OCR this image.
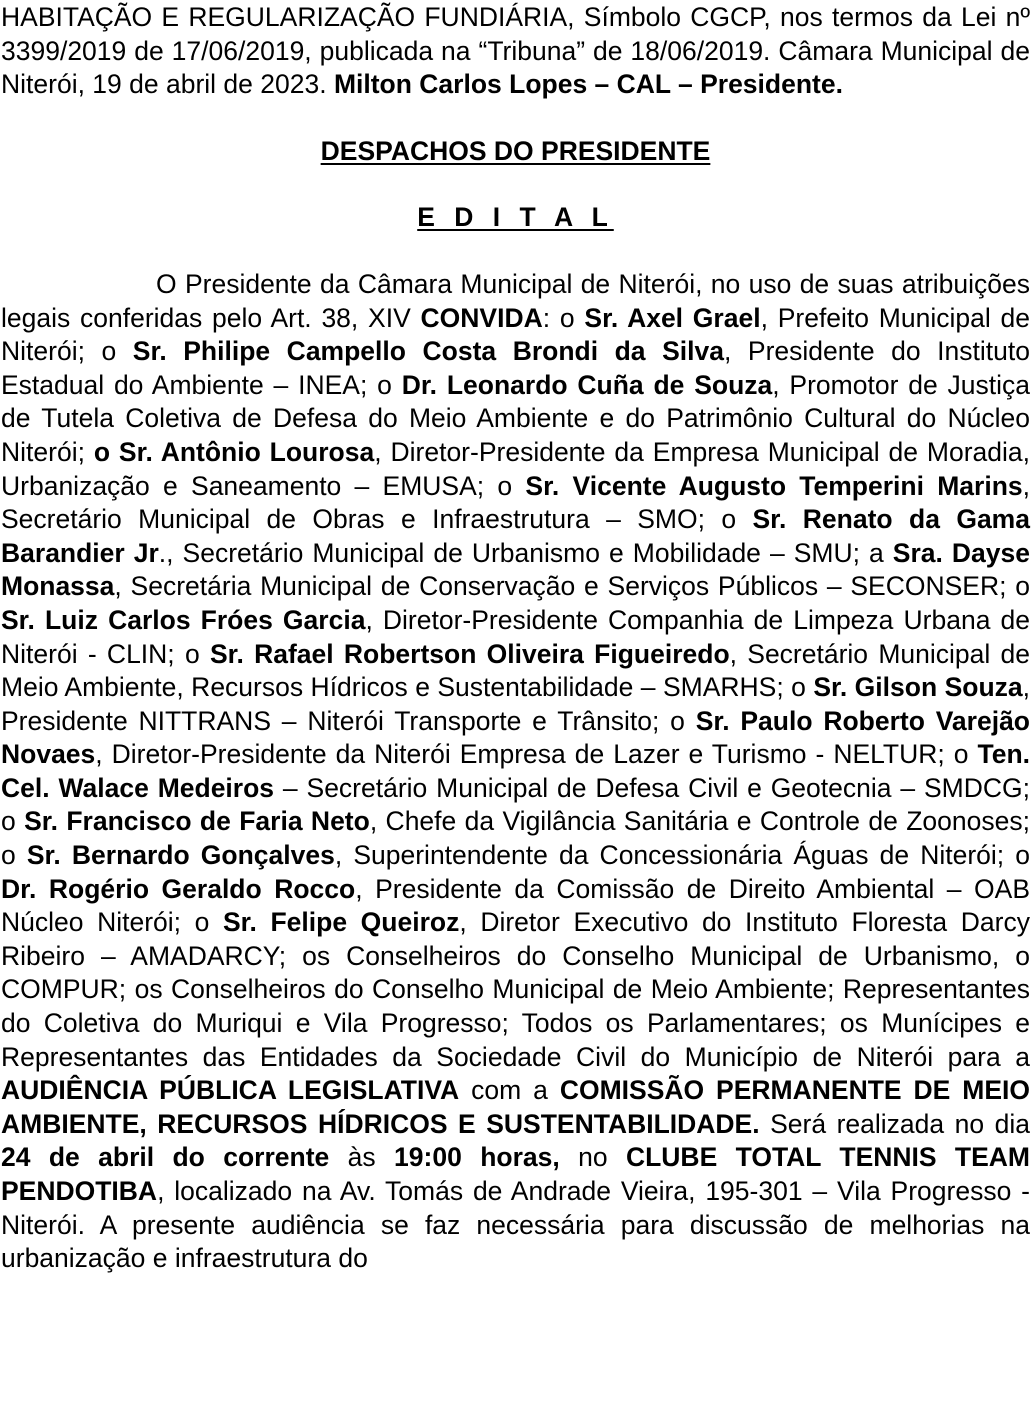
HABITAÇÃO E REGULARIZAÇÃO FUNDIÁRIA, Símbolo CGCP, nos termos da Lei nº 3399/2019 de 17/06/2019, publicada na “Tribuna” de 18/06/2019. Câmara Municipal de Niterói, 19 de abril de 2023. Milton Carlos Lopes – CAL – Presidente.

DESPACHOS DO PRESIDENTE

E D I T A L

O Presidente da Câmara Municipal de Niterói, no uso de suas atribuições legais conferidas pelo Art. 38, XIV CONVIDA: o Sr. Axel Grael, Prefeito Municipal de Niterói; o Sr. Philipe Campello Costa Brondi da Silva, Presidente do Instituto Estadual do Ambiente – INEA; o Dr. Leonardo Cuña de Souza, Promotor de Justiça de Tutela Coletiva de Defesa do Meio Ambiente e do Patrimônio Cultural do Núcleo Niterói; o Sr. Antônio Lourosa, Diretor-Presidente da Empresa Municipal de Moradia, Urbanização e Saneamento – EMUSA; o Sr. Vicente Augusto Temperini Marins, Secretário Municipal de Obras e Infraestrutura – SMO; o Sr. Renato da Gama Barandier Jr., Secretário Municipal de Urbanismo e Mobilidade – SMU; a Sra. Dayse Monassa, Secretária Municipal de Conservação e Serviços Públicos – SECONSER; o Sr. Luiz Carlos Fróes Garcia, Diretor-Presidente Companhia de Limpeza Urbana de Niterói - CLIN; o Sr. Rafael Robertson Oliveira Figueiredo, Secretário Municipal de Meio Ambiente, Recursos Hídricos e Sustentabilidade – SMARHS; o Sr. Gilson Souza, Presidente NITTRANS – Niterói Transporte e Trânsito; o Sr. Paulo Roberto Varejão Novaes, Diretor-Presidente da Niterói Empresa de Lazer e Turismo - NELTUR; o Ten. Cel. Walace Medeiros – Secretário Municipal de Defesa Civil e Geotecnia – SMDCG; o Sr. Francisco de Faria Neto, Chefe da Vigilância Sanitária e Controle de Zoonoses; o Sr. Bernardo Gonçalves, Superintendente da Concessionária Águas de Niterói; o Dr. Rogério Geraldo Rocco, Presidente da Comissão de Direito Ambiental – OAB Núcleo Niterói; o Sr. Felipe Queiroz, Diretor Executivo do Instituto Floresta Darcy Ribeiro – AMADARCY; os Conselheiros do Conselho Municipal de Urbanismo, o COMPUR; os Conselheiros do Conselho Municipal de Meio Ambiente; Representantes do Coletiva do Muriqui e Vila Progresso; Todos os Parlamentares; os Munícipes e Representantes das Entidades da Sociedade Civil do Município de Niterói para a AUDIÊNCIA PÚBLICA LEGISLATIVA com a COMISSÃO PERMANENTE DE MEIO AMBIENTE, RECURSOS HÍDRICOS E SUSTENTABILIDADE. Será realizada no dia 24 de abril do corrente às 19:00 horas, no CLUBE TOTAL TENNIS TEAM PENDOTIBA, localizado na Av. Tomás de Andrade Vieira, 195-301 – Vila Progresso - Niterói. A presente audiência se faz necessária para discussão de melhorias na urbanização e infraestrutura do
